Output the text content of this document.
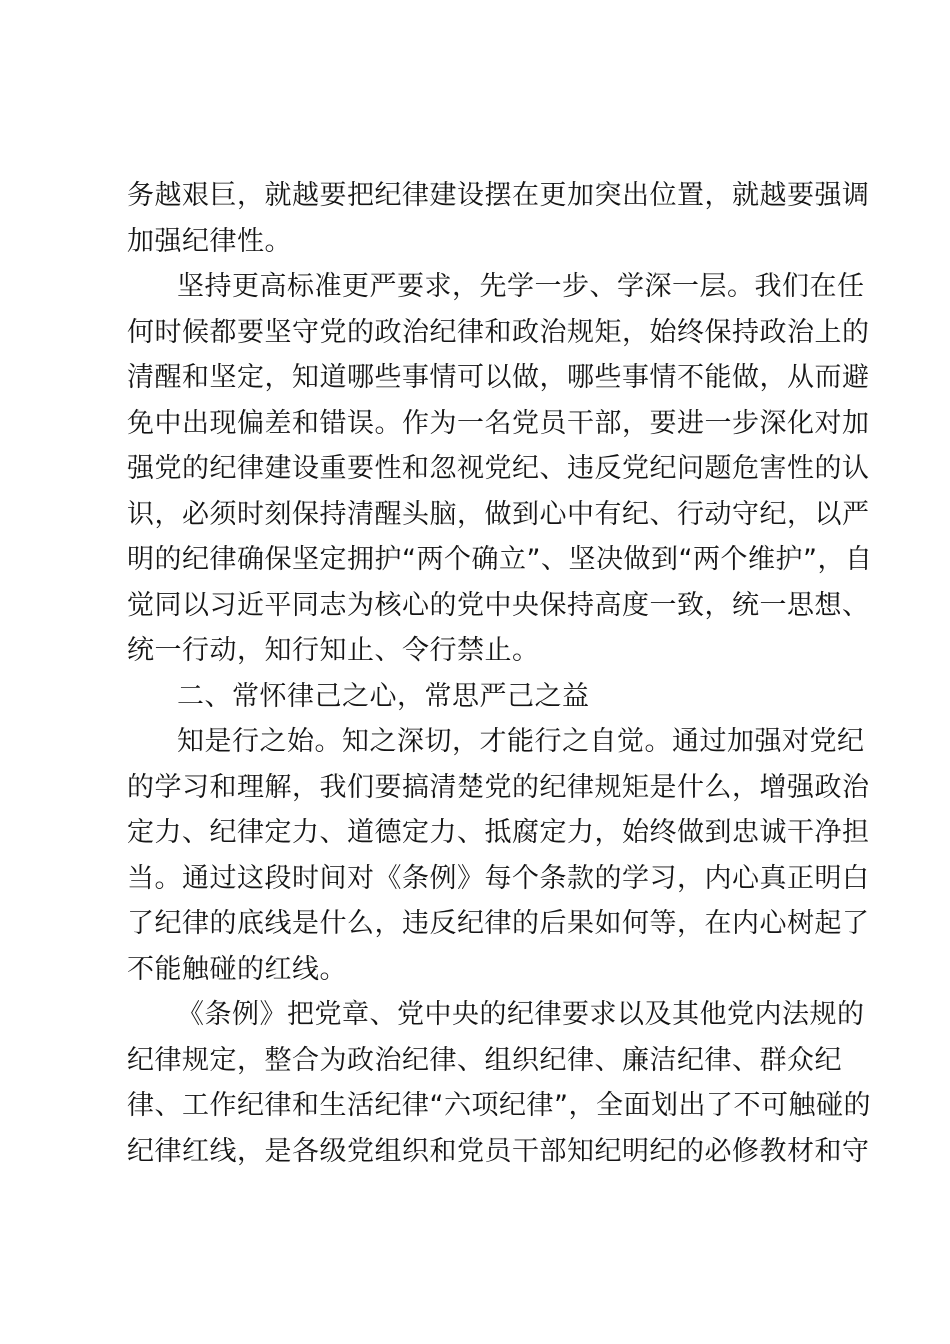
务越艰巨，就越要把纪律建设摆在更加突出位置，就越要强调
加强纪律性。
坚持更高标准更严要求，先学一步、学深一层。我们在任
何时候都要坚守党的政治纪律和政治规矩，始终保持政治上的
清醒和坚定，知道哪些事情可以做，哪些事情不能做，从而避
免中出现偏差和错误。作为一名党员干部，要进一步深化对加
强党的纪律建设重要性和忽视党纪、违反党纪问题危害性的认
识，必须时刻保持清醒头脑，做到心中有纪、行动守纪，以严
明的纪律确保坚定拥护“两个确立”、坚决做到“两个维护”，自
觉同以习近平同志为核心的党中央保持高度一致，统一思想、
统一行动，知行知止、令行禁止。
二、常怀律己之心，常思严己之益
知是行之始。知之深切，才能行之自觉。通过加强对党纪
的学习和理解，我们要搞清楚党的纪律规矩是什么，增强政治
定力、纪律定力、道德定力、抵腐定力，始终做到忠诚干净担
当。通过这段时间对《条例》每个条款的学习，内心真正明白
了纪律的底线是什么，违反纪律的后果如何等，在内心树起了
不能触碰的红线。
《条例》把党章、党中央的纪律要求以及其他党内法规的
纪律规定，整合为政治纪律、组织纪律、廉洁纪律、群众纪
律、工作纪律和生活纪律“六项纪律”，全面划出了不可触碰的
纪律红线，是各级党组织和党员干部知纪明纪的必修教材和守
